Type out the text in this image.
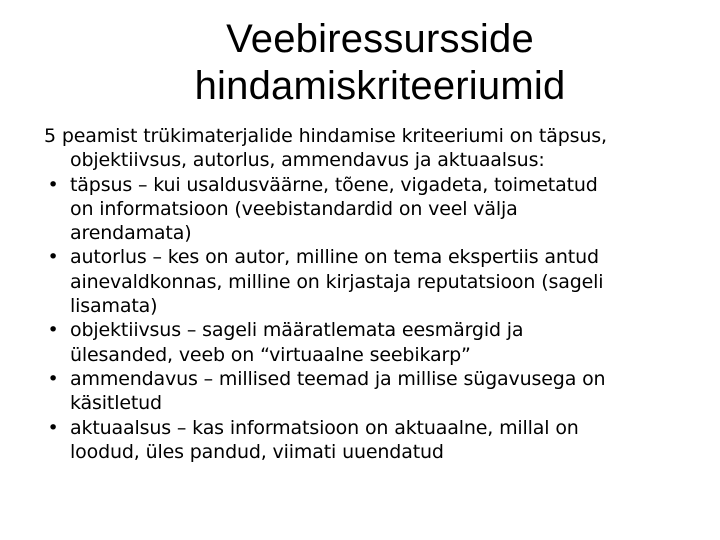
Veebiressursside
hindamiskriteeriumid
5 peamist trükimaterjalide hindamise kriteeriumi on täpsus,
objektiivsus, autorlus, ammendavus ja aktuaalsus:
• täpsus – kui usaldusväärne, tõene, vigadeta, toimetatud
on informatsioon (veebistandardid on veel välja
arendamata)
• autorlus – kes on autor, milline on tema ekspertiis antud
ainevaldkonnas, milline on kirjastaja reputatsioon (sageli
lisamata)
• objektiivsus – sageli määratlemata eesmärgid ja
ülesanded, veeb on “virtuaalne seebikarp”
• ammendavus – millised teemad ja millise sügavusega on
käsitletud
• aktuaalsus – kas informatsioon on aktuaalne, millal on
loodud, üles pandud, viimati uuendatud
